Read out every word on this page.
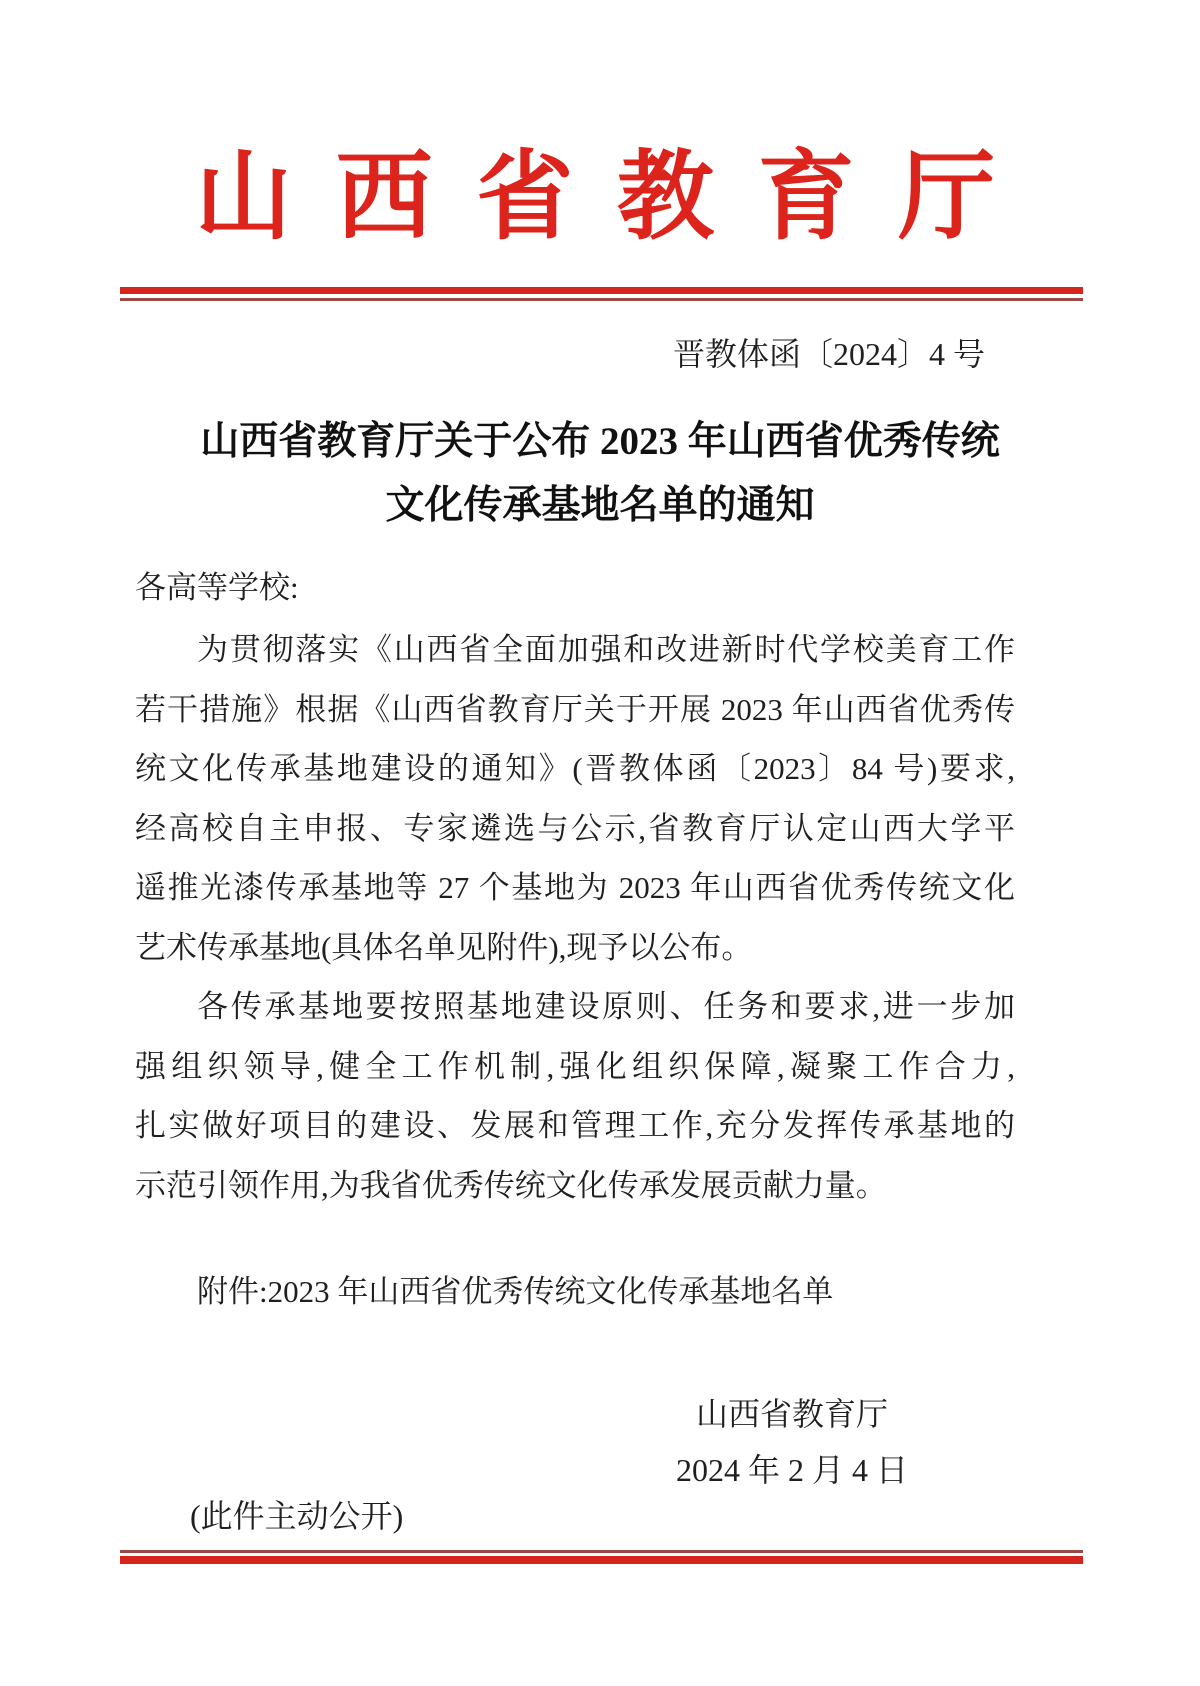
山 西 省 教 育 厅
晋教体函〔2024〕4 号
山西省教育厅关于公布 2023 年山西省优秀传统
文化传承基地名单的通知
各高等学校:
为贯彻落实《山西省全面加强和改进新时代学校美育工作
若干措施》根据《山西省教育厅关于开展 2023 年山西省优秀传
统文化传承基地建设的通知》(晋教体函〔2023〕84 号)要求,
经高校自主申报、专家遴选与公示,省教育厅认定山西大学平
遥推光漆传承基地等 27 个基地为 2023 年山西省优秀传统文化
艺术传承基地(具体名单见附件),现予以公布。
各传承基地要按照基地建设原则、任务和要求,进一步加
强组织领导,健全工作机制,强化组织保障,凝聚工作合力,
扎实做好项目的建设、发展和管理工作,充分发挥传承基地的
示范引领作用,为我省优秀传统文化传承发展贡献力量。
附件:2023 年山西省优秀传统文化传承基地名单
山西省教育厅
2024 年 2 月 4 日
(此件主动公开)
